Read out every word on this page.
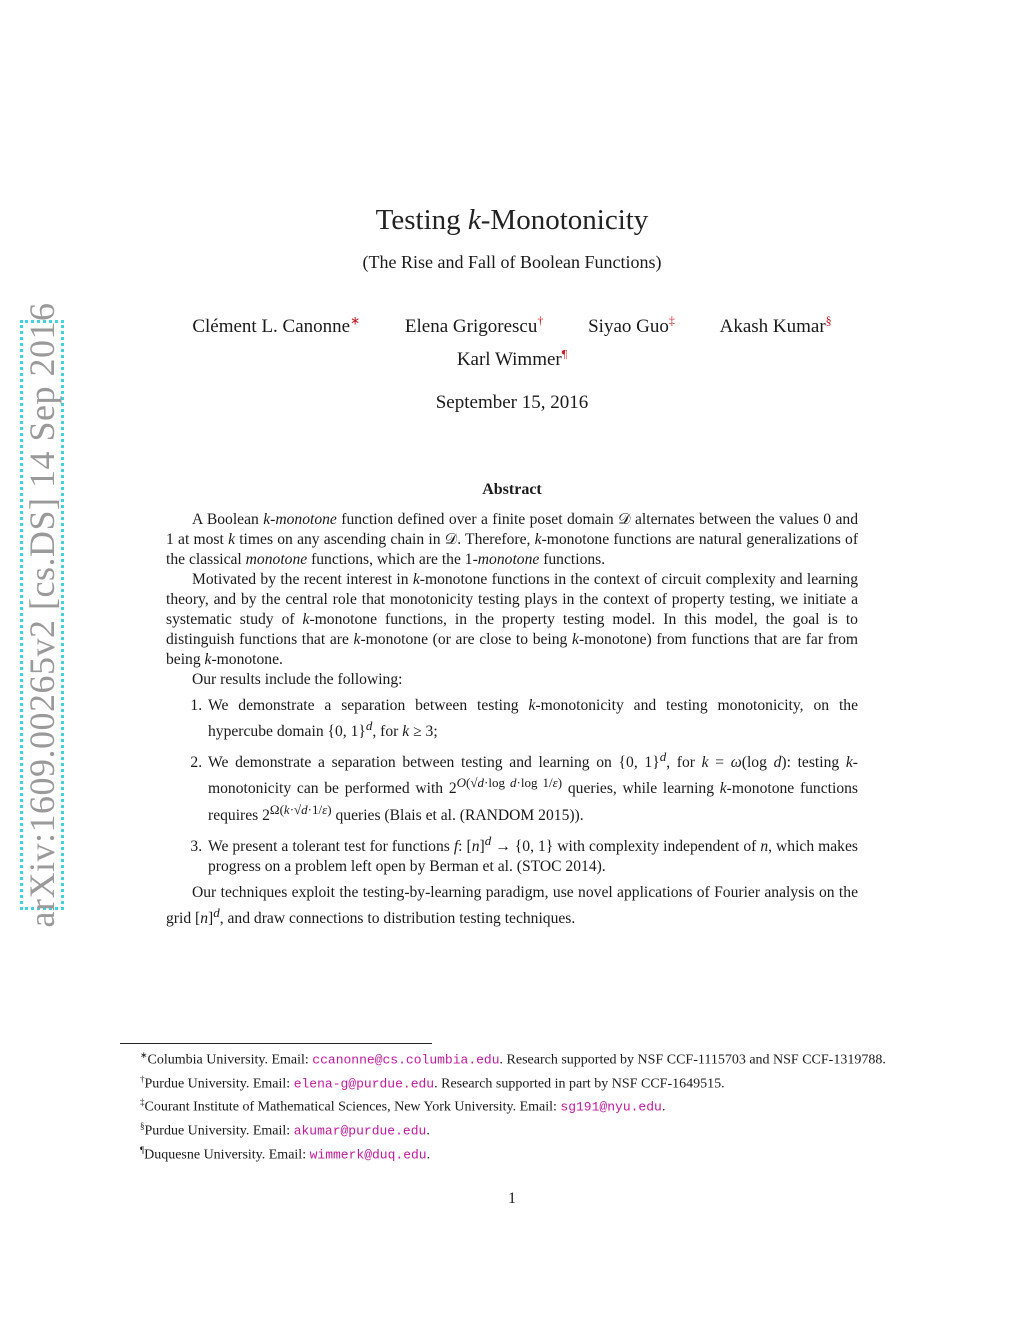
arXiv:1609.00265v2 [cs.DS] 14 Sep 2016
Testing k-Monotonicity
(The Rise and Fall of Boolean Functions)
Clément L. Canonne∗ Elena Grigorescu† Siyao Guo‡ Akash Kumar§
Karl Wimmer¶
September 15, 2016
Abstract

A Boolean k-monotone function defined over a finite poset domain 𝒟 alternates between the values 0 and 1 at most k times on any ascending chain in 𝒟. Therefore, k-monotone functions are natural generalizations of the classical monotone functions, which are the 1-monotone functions.

Motivated by the recent interest in k-monotone functions in the context of circuit complexity and learning theory, and by the central role that monotonicity testing plays in the context of property testing, we initiate a systematic study of k-monotone functions, in the property testing model. In this model, the goal is to distinguish functions that are k-monotone (or are close to being k-monotone) from functions that are far from being k-monotone.

Our results include the following:

1. We demonstrate a separation between testing k-monotonicity and testing monotonicity, on the hypercube domain {0, 1}$^d$, for k ≥ 3;
2. We demonstrate a separation between testing and learning on {0, 1}$^d$, for k = ω(log d): testing k-monotonicity can be performed with $2^{O(√d\cdot log d\cdot log 1/\varepsilon)}$ queries, while learning k-monotone functions requires $2^{\Omega(k\cdot√d\cdot 1/\varepsilon)}$ queries (Blais et al. (RANDOM 2015)).
3. We present a tolerant test for functions f: $[n]^d \to \{0$, 1} with complexity independent of n, which makes progress on a problem left open by Berman et al. (STOC 2014).

Our techniques exploit the testing-by-learning paradigm, use novel applications of Fourier analysis on the grid $[n]^d$, and draw connections to distribution testing techniques.

∗Columbia University. Email: ccanonne@cs.columbia.edu. Research supported by NSF CCF-1115703 and NSF CCF-1319788.

†Purdue University. Email: elena-g@purdue.edu. Research supported in part by NSF CCF-1649515.

‡Courant Institute of Mathematical Sciences, New York University. Email: sg191@nyu.edu.

§Purdue University. Email: akumar@purdue.edu.

¶Duquesne University. Email: wimmerk@duq.edu.

1
